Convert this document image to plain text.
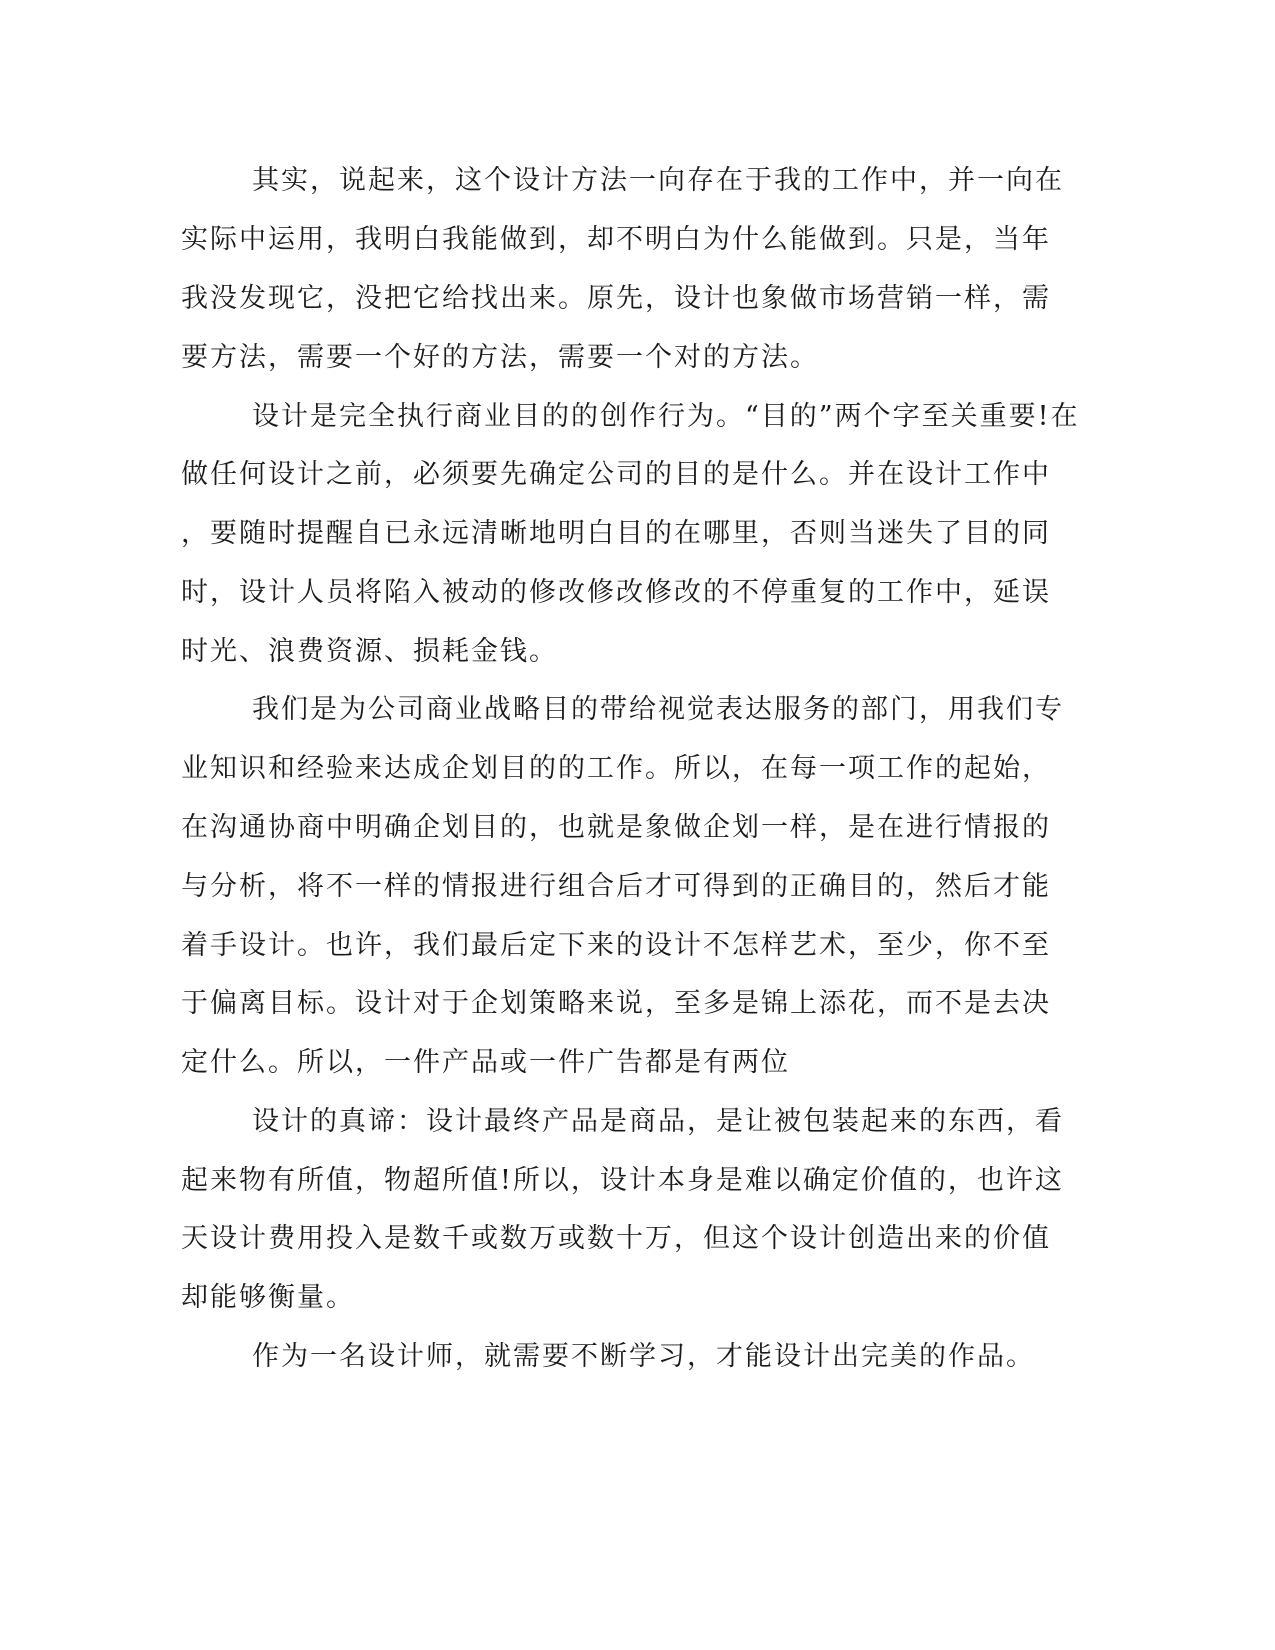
其实，说起来，这个设计方法一向存在于我的工作中，并一向在
实际中运用，我明白我能做到，却不明白为什么能做到。只是，当年
我没发现它，没把它给找出来。原先，设计也象做市场营销一样，需
要方法，需要一个好的方法，需要一个对的方法。
设计是完全执行商业目的的创作行为。“目的”两个字至关重要!在
做任何设计之前，必须要先确定公司的目的是什么。并在设计工作中
，要随时提醒自已永远清晰地明白目的在哪里，否则当迷失了目的同
时，设计人员将陷入被动的修改修改修改的不停重复的工作中，延误
时光、浪费资源、损耗金钱。
我们是为公司商业战略目的带给视觉表达服务的部门，用我们专
业知识和经验来达成企划目的的工作。所以，在每一项工作的起始，
在沟通协商中明确企划目的，也就是象做企划一样，是在进行情报的
与分析，将不一样的情报进行组合后才可得到的正确目的，然后才能
着手设计。也许，我们最后定下来的设计不怎样艺术，至少，你不至
于偏离目标。设计对于企划策略来说，至多是锦上添花，而不是去决
定什么。所以，一件产品或一件广告都是有两位
设计的真谛：设计最终产品是商品，是让被包装起来的东西，看
起来物有所值，物超所值!所以，设计本身是难以确定价值的，也许这
天设计费用投入是数千或数万或数十万，但这个设计创造出来的价值
却能够衡量。
作为一名设计师，就需要不断学习，才能设计出完美的作品。
